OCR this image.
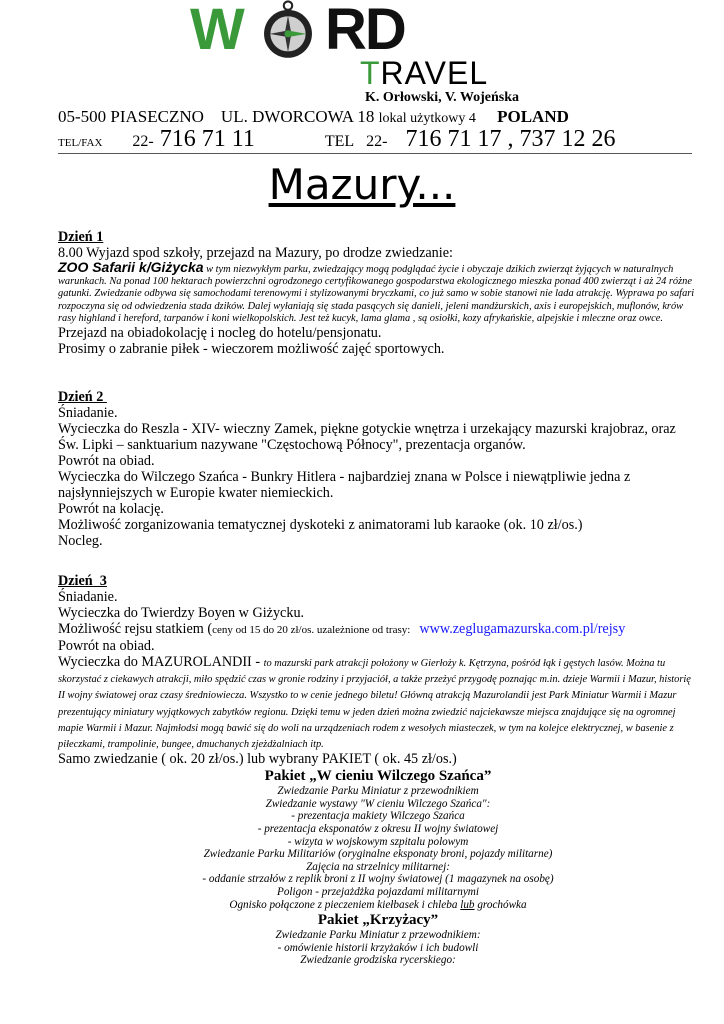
W RD
TRAVEL
K. Orłowski, V. Wojeńska
05-500 PIASECZNO    UL. DWORCOWA 18 lokal użytkowy 4 POLAND
TEL/FAX 22- 716 71 11	TEL 22- 716 71 17 , 737 12 26
Mazury...

Dzień 1

8.00 Wyjazd spod szkoły, przejazd na Mazury, po drodze zwiedzanie:

ZOO Safarii k/Giżycka w tym niezwykłym parku, zwiedzający mogą podglądać życie i obyczaje dzikich zwierząt żyjących w naturalnych warunkach. Na ponad 100 hektarach powierzchni ogrodzonego certyfikowanego gospodarstwa ekologicznego mieszka ponad 400 zwierząt i aż 24 różne gatunki. Zwiedzanie odbywa się samochodami terenowymi i stylizowanymi bryczkami, co już samo w sobie stanowi nie lada atrakcję. Wyprawa po safari rozpoczyna się od odwiedzenia stada dzików. Dalej wyłaniają się stada pasących się danieli, jeleni mandżurskich, axis i europejskich, muflonów, krów rasy highland i hereford, tarpanów i koni wielkopolskich. Jest też kucyk, lama glama , są osiołki, kozy afrykańskie, alpejskie i mleczne oraz owce.

Przejazd na obiadokolację i nocleg do hotelu/pensjonatu.

Prosimy o zabranie piłek - wieczorem możliwość zajęć sportowych.

Dzień 2

Śniadanie.

Wycieczka do Reszla - XIV- wieczny Zamek, piękne gotyckie wnętrza i urzekający mazurski krajobraz, oraz Św. Lipki – sanktuarium nazywane "Częstochową Północy", prezentacja organów.

Powrót na obiad.

Wycieczka do Wilczego Szańca - Bunkry Hitlera - najbardziej znana w Polsce i niewątpliwie jedna z najsłynniejszych w Europie kwater niemieckich.

Powrót na kolację.

Możliwość zorganizowania tematycznej dyskoteki z animatorami lub karaoke (ok. 10 zł/os.)

Nocleg.

Dzień  3

Śniadanie.

Wycieczka do Twierdzy Boyen w Giżycku.

Możliwość rejsu statkiem (ceny od 15 do 20 zł/os. uzależnione od trasy:   www.zeglugamazurska.com.pl/rejsy

Powrót na obiad.

Wycieczka do MAZUROLANDII - to mazurski park atrakcji położony w Gierłoży k. Kętrzyna, pośród łąk i gęstych lasów. Można tu skorzystać z ciekawych atrakcji, miło spędzić czas w gronie rodziny i przyjaciół, a także przeżyć przygodę poznając m.in. dzieje Warmii i Mazur, historię II wojny światowej oraz czasy średniowiecza. Wszystko to w cenie jednego biletu! Główną atrakcją Mazurolandii jest Park Miniatur Warmii i Mazur prezentujący miniatury wyjątkowych zabytków regionu. Dzięki temu w jeden dzień można zwiedzić najciekawsze miejsca znajdujące się na ogromnej mapie Warmii i Mazur. Najmłodsi mogą bawić się do woli na urządzeniach rodem z wesołych miasteczek, w tym na kolejce elektrycznej, w basenie z piłeczkami, trampolinie, bungee, dmuchanych zjeżdżalniach itp.

Samo zwiedzanie ( ok. 20 zł/os.) lub wybrany PAKIET ( ok. 45 zł/os.)

Pakiet „W cieniu Wilczego Szańca”

Zwiedzanie Parku Miniatur z przewodnikiem

Zwiedzanie wystawy "W cieniu Wilczego Szańca":

- prezentacja makiety Wilczego Szańca

- prezentacja eksponatów z okresu II wojny światowej

- wizyta w wojskowym szpitalu polowym

Zwiedzanie Parku Militariów (oryginalne eksponaty broni, pojazdy militarne)

Zajęcia na strzelnicy militarnej:

- oddanie strzałów z replik broni z II wojny światowej (1 magazynek na osobę)

Poligon - przejażdżka pojazdami militarnymi

Ognisko połączone z pieczeniem kiełbasek i chleba lub grochówka

Pakiet „Krzyżacy”

Zwiedzanie Parku Miniatur z przewodnikiem:

- omówienie historii krzyżaków i ich budowli

Zwiedzanie grodziska rycerskiego:
